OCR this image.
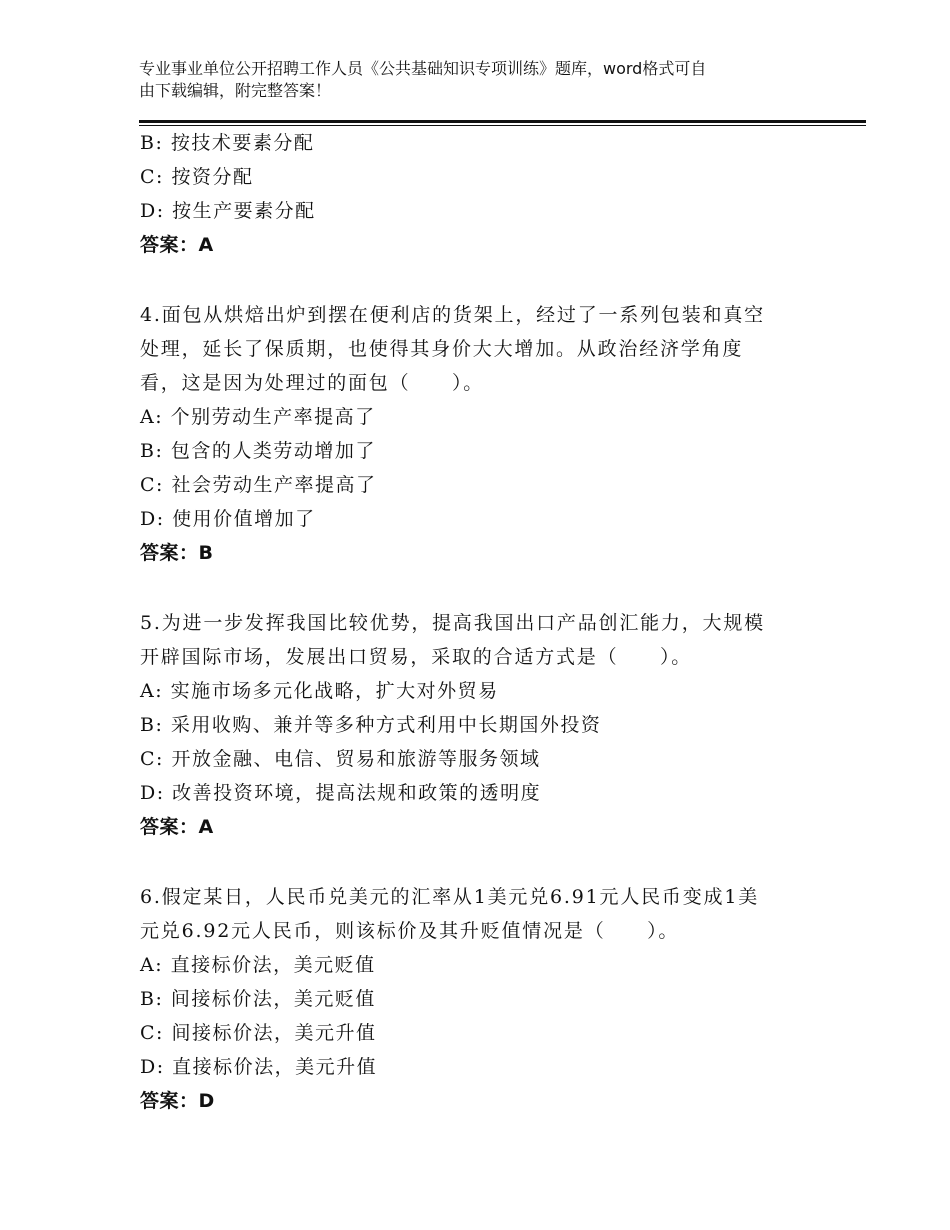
专业事业单位公开招聘工作人员《公共基础知识专项训练》题库，word格式可自
由下载编辑，附完整答案！
B: 按技术要素分配
C: 按资分配
D: 按生产要素分配
答案：A
4.面包从烘焙出炉到摆在便利店的货架上，经过了一系列包装和真空
处理，延长了保质期，也使得其身价大大增加。从政治经济学角度
看，这是因为处理过的面包（　　）。
A: 个别劳动生产率提高了
B: 包含的人类劳动增加了
C: 社会劳动生产率提高了
D: 使用价值增加了
答案：B
5.为进一步发挥我国比较优势，提高我国出口产品创汇能力，大规模
开辟国际市场，发展出口贸易，采取的合适方式是（　　）。
A: 实施市场多元化战略，扩大对外贸易
B: 采用收购、兼并等多种方式利用中长期国外投资
C: 开放金融、电信、贸易和旅游等服务领域
D: 改善投资环境，提高法规和政策的透明度
答案：A
6.假定某日，人民币兑美元的汇率从1美元兑6.91元人民币变成1美
元兑6.92元人民币，则该标价及其升贬值情况是（　　）。
A: 直接标价法，美元贬值
B: 间接标价法，美元贬值
C: 间接标价法，美元升值
D: 直接标价法，美元升值
答案：D
